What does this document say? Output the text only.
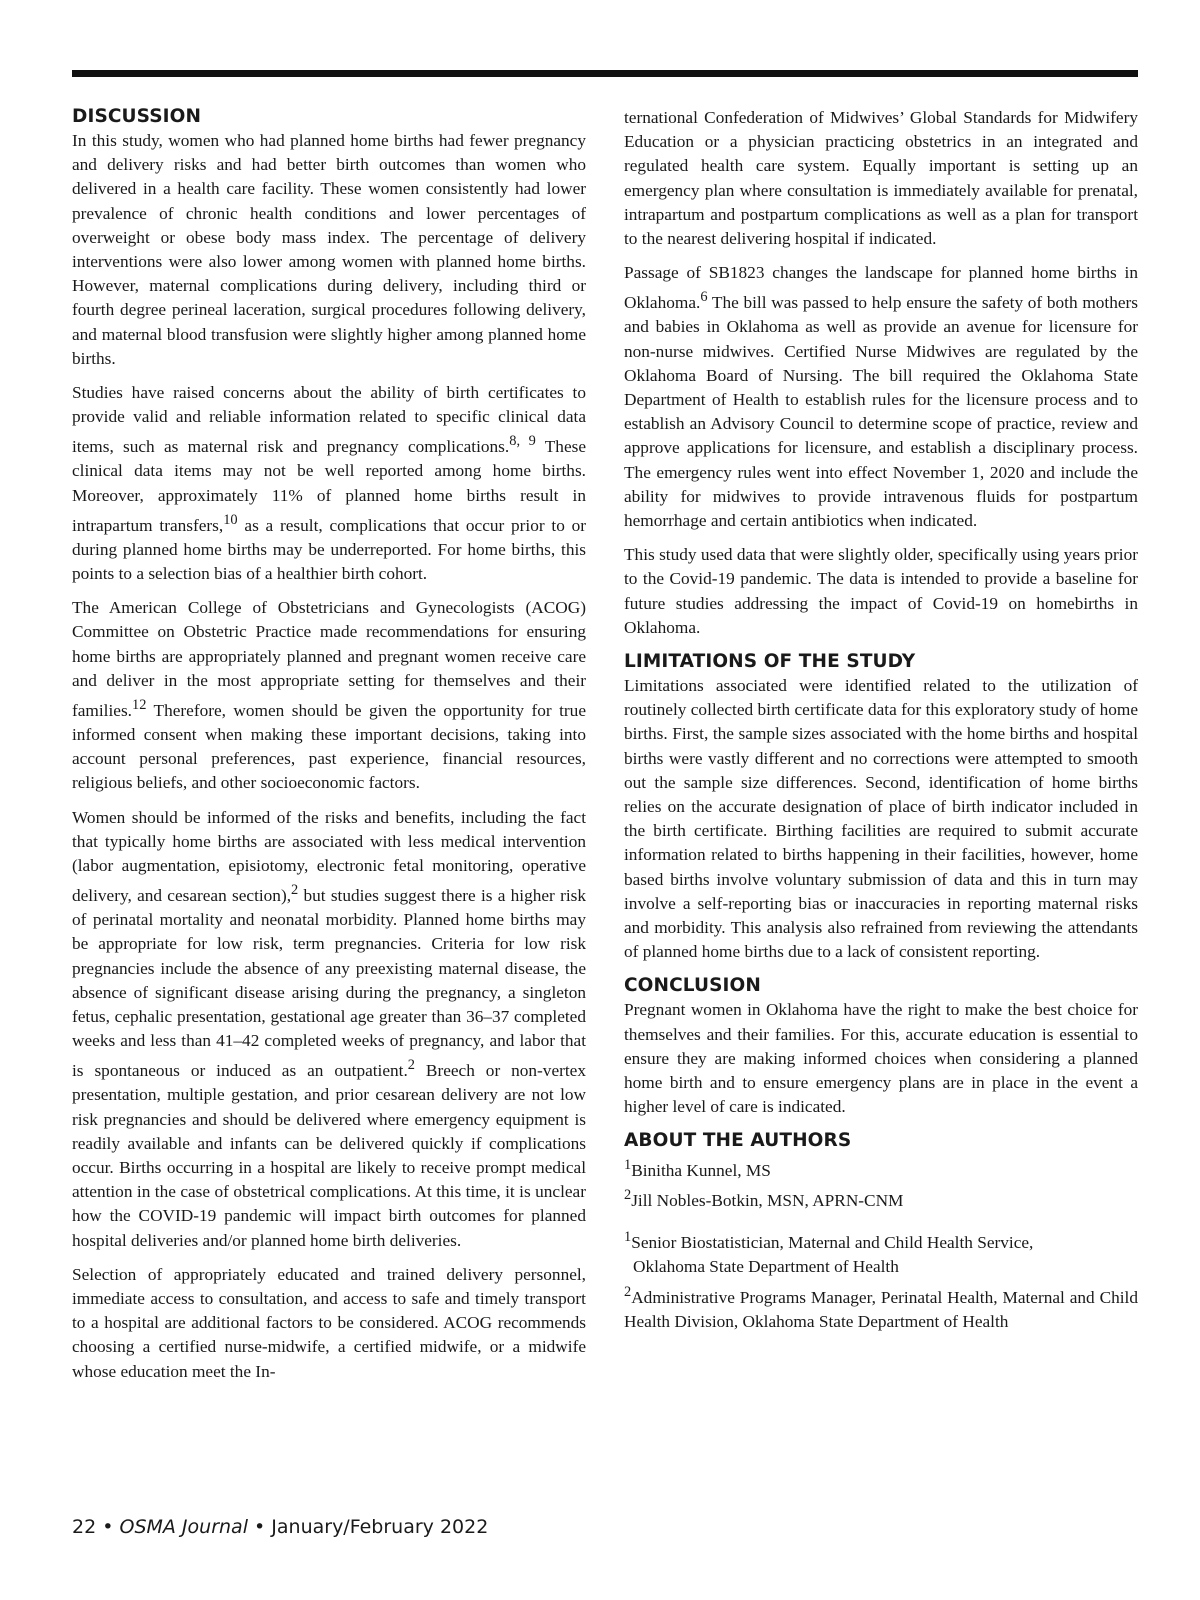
DISCUSSION

In this study, women who had planned home births had fewer pregnancy and delivery risks and had better birth outcomes than women who delivered in a health care facility. These women consistently had lower prevalence of chronic health conditions and lower percentages of overweight or obese body mass index. The percentage of delivery interventions were also lower among women with planned home births. However, maternal complications during delivery, including third or fourth degree perineal laceration, surgical procedures following delivery, and maternal blood transfusion were slightly higher among planned home births.

Studies have raised concerns about the ability of birth certificates to provide valid and reliable information related to specific clinical data items, such as maternal risk and pregnancy complications.$^{8, 9}$ These clinical data items may not be well reported among home births. Moreover, approximately 11% of planned home births result in intrapartum transfers,$^{10}$ as a result, complications that occur prior to or during planned home births may be underreported. For home births, this points to a selection bias of a healthier birth cohort.

The American College of Obstetricians and Gynecologists (ACOG) Committee on Obstetric Practice made recommendations for ensuring home births are appropriately planned and pregnant women receive care and deliver in the most appropriate setting for themselves and their families.$^{12}$ Therefore, women should be given the opportunity for true informed consent when making these important decisions, taking into account personal preferences, past experience, financial resources, religious beliefs, and other socioeconomic factors.

Women should be informed of the risks and benefits, including the fact that typically home births are associated with less medical intervention (labor augmentation, episiotomy, electronic fetal monitoring, operative delivery, and cesarean section),$^2$ but studies suggest there is a higher risk of perinatal mortality and neonatal morbidity. Planned home births may be appropriate for low risk, term pregnancies. Criteria for low risk pregnancies include the absence of any preexisting maternal disease, the absence of significant disease arising during the pregnancy, a singleton fetus, cephalic presentation, gestational age greater than 36–37 completed weeks and less than 41–42 completed weeks of pregnancy, and labor that is spontaneous or induced as an outpatient.$^2$ Breech or non-vertex presentation, multiple gestation, and prior cesarean delivery are not low risk pregnancies and should be delivered where emergency equipment is readily available and infants can be delivered quickly if complications occur. Births occurring in a hospital are likely to receive prompt medical attention in the case of obstetrical complications. At this time, it is unclear how the COVID-19 pandemic will impact birth outcomes for planned hospital deliveries and/or planned home birth deliveries.

Selection of appropriately educated and trained delivery personnel, immediate access to consultation, and access to safe and timely transport to a hospital are additional factors to be considered. ACOG recommends choosing a certified nurse-midwife, a certified midwife, or a midwife whose education meet the In-

ternational Confederation of Midwives’ Global Standards for Midwifery Education or a physician practicing obstetrics in an integrated and regulated health care system. Equally important is setting up an emergency plan where consultation is immediately available for prenatal, intrapartum and postpartum complications as well as a plan for transport to the nearest delivering hospital if indicated.

Passage of SB1823 changes the landscape for planned home births in Oklahoma.$^6$ The bill was passed to help ensure the safety of both mothers and babies in Oklahoma as well as provide an avenue for licensure for non-nurse midwives. Certified Nurse Midwives are regulated by the Oklahoma Board of Nursing. The bill required the Oklahoma State Department of Health to establish rules for the licensure process and to establish an Advisory Council to determine scope of practice, review and approve applications for licensure, and establish a disciplinary process. The emergency rules went into effect November 1, 2020 and include the ability for midwives to provide intravenous fluids for postpartum hemorrhage and certain antibiotics when indicated.

This study used data that were slightly older, specifically using years prior to the Covid-19 pandemic. The data is intended to provide a baseline for future studies addressing the impact of Covid-19 on homebirths in Oklahoma.

LIMITATIONS OF THE STUDY

Limitations associated were identified related to the utilization of routinely collected birth certificate data for this exploratory study of home births. First, the sample sizes associated with the home births and hospital births were vastly different and no corrections were attempted to smooth out the sample size differences. Second, identification of home births relies on the accurate designation of place of birth indicator included in the birth certificate. Birthing facilities are required to submit accurate information related to births happening in their facilities, however, home based births involve voluntary submission of data and this in turn may involve a self-reporting bias or inaccuracies in reporting maternal risks and morbidity. This analysis also refrained from reviewing the attendants of planned home births due to a lack of consistent reporting.

CONCLUSION

Pregnant women in Oklahoma have the right to make the best choice for themselves and their families. For this, accurate education is essential to ensure they are making informed choices when considering a planned home birth and to ensure emergency plans are in place in the event a higher level of care is indicated.

ABOUT THE AUTHORS
$^1$Binitha Kunnel, MS
$^2$Jill Nobles-Botkin, MSN, APRN-CNM
$^1$Senior Biostatistician, Maternal and Child Health Service,
Oklahoma State Department of Health
$^2$Administrative Programs Manager, Perinatal Health, Maternal and Child Health Division, Oklahoma State Department of Health
22 • OSMA Journal • January/February 2022
